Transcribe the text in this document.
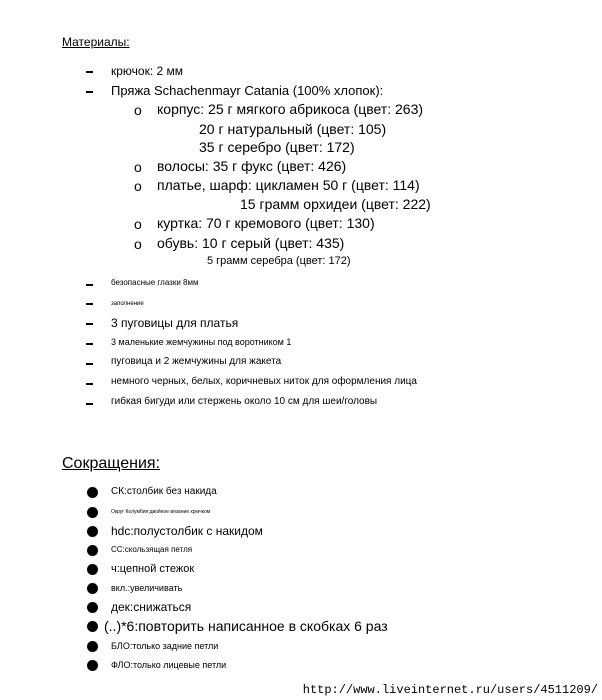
Материалы:
крючок: 2 мм
Пряжа Schachenmayr Catania (100% хлопок):
o корпус: 25 г мягкого абрикоса (цвет: 263)
20 г натуральный (цвет: 105)
35 г серебро (цвет: 172)
o волосы: 35 г фукс (цвет: 426)
o платье, шарф: цикламен 50 г (цвет: 114)
15 грамм орхидеи (цвет: 222)
o куртка: 70 г кремового (цвет: 130)
o обувь: 10 г серый (цвет: 435)
5 грамм серебра (цвет: 172)
безопасные глазки 8мм
заполнение
3 пуговицы для платья
3 маленькие жемчужины под воротником 1
пуговица и 2 жемчужины для жакета
немного черных, белых, коричневых ниток для оформления лица
гибкая бигуди или стержень около 10 см для шеи/головы
Сокращения:
СК:столбик без накида
Округ Колумбия:двойное вязание крючком
hdc:полустолбик с накидом
СС:скользящая петля
ч:цепной стежок
вкл.:увеличивать
дек:снижаться
(..)*6:повторить написанное в скобках 6 раз
БЛО:только задние петли
ФЛО:только лицевые петли
http://www.liveinternet.ru/users/4511209/
